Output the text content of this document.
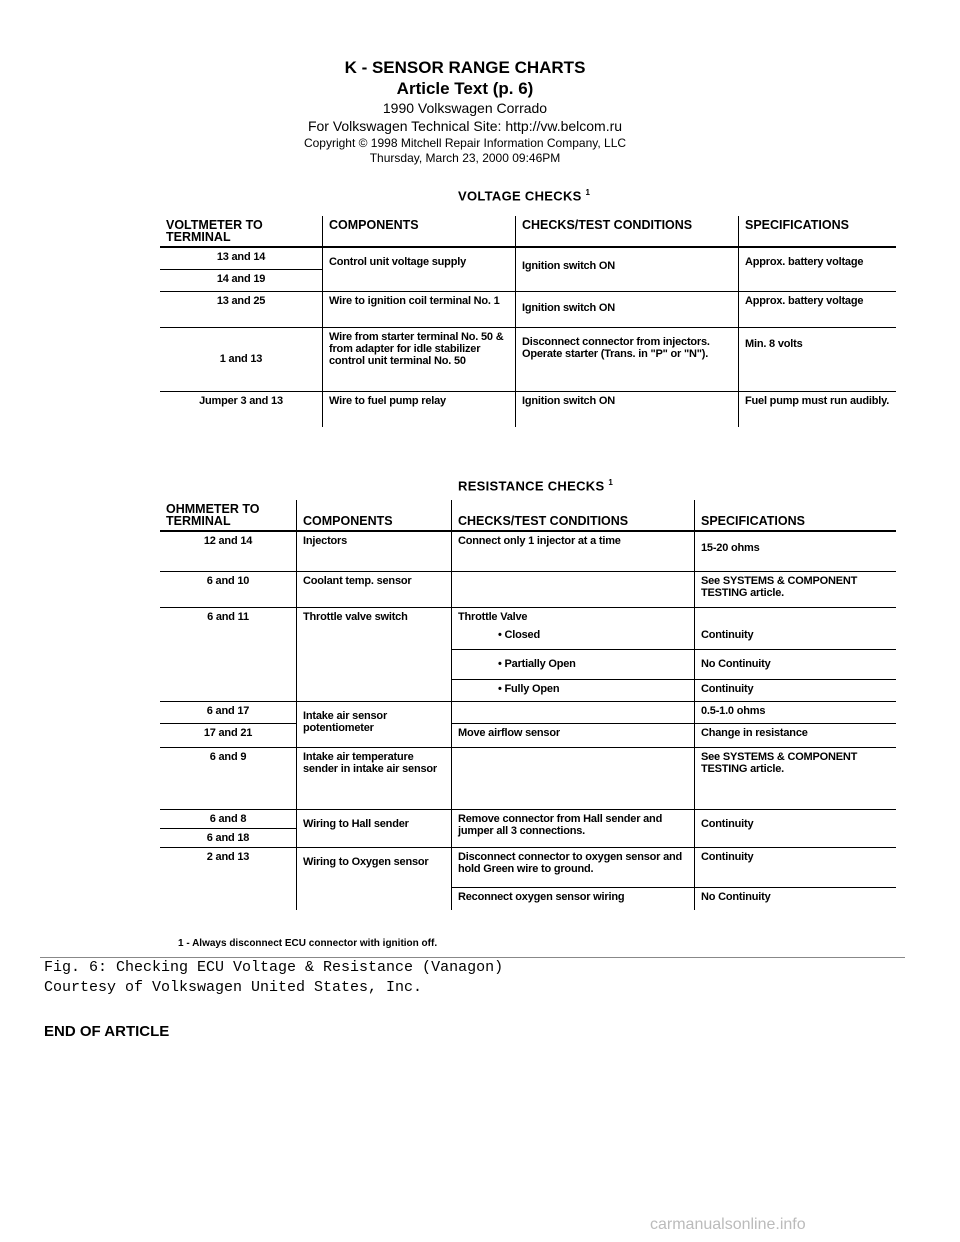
K - SENSOR RANGE CHARTS
Article Text (p. 6)
1990 Volkswagen Corrado
For Volkswagen Technical Site: http://vw.belcom.ru
Copyright © 1998 Mitchell Repair Information Company, LLC
Thursday, March 23, 2000 09:46PM
VOLTAGE CHECKS $^1$
VOLTMETER TO TERMINAL	COMPONENTS	CHECKS/TEST CONDITIONS	SPECIFICATIONS
13 and 14	Control unit voltage supply	Ignition switch ON	Approx. battery voltage
14 and 19			
13 and 25	Wire to ignition coil terminal No. 1	Ignition switch ON	Approx. battery voltage
1 and 13	Wire from starter terminal No. 50 & from adapter for idle stabilizer control unit terminal No. 50	Disconnect connector from injectors. Operate starter (Trans. in "P" or "N").	Min. 8 volts
Jumper 3 and 13	Wire to fuel pump relay	Ignition switch ON	Fuel pump must run audibly.
RESISTANCE CHECKS $^1$
OHMMETER TO TERMINAL	COMPONENTS	CHECKS/TEST CONDITIONS	SPECIFICATIONS
12 and 14	Injectors	Connect only 1 injector at a time	15-20 ohms
6 and 10	Coolant temp. sensor		See SYSTEMS & COMPONENT TESTING article.
6 and 11	Throttle valve switch	Throttle Valve	
		• Closed	Continuity
		• Partially Open	No Continuity
		• Fully Open	Continuity
6 and 17	Intake air sensor potentiometer		0.5-1.0 ohms
17 and 21		Move airflow sensor	Change in resistance
6 and 9	Intake air temperature sender in intake air sensor		See SYSTEMS & COMPONENT TESTING article.
6 and 8	Wiring to Hall sender	Remove connector from Hall sender and jumper all 3 connections.	Continuity
6 and 18			
2 and 13	Wiring to Oxygen sensor	Disconnect connector to oxygen sensor and hold Green wire to ground.	Continuity
		Reconnect oxygen sensor wiring	No Continuity
1 - Always disconnect ECU connector with ignition off.
Fig. 6: Checking ECU Voltage & Resistance (Vanagon)
Courtesy of Volkswagen United States, Inc.
END OF ARTICLE
carmanualsonline.info
